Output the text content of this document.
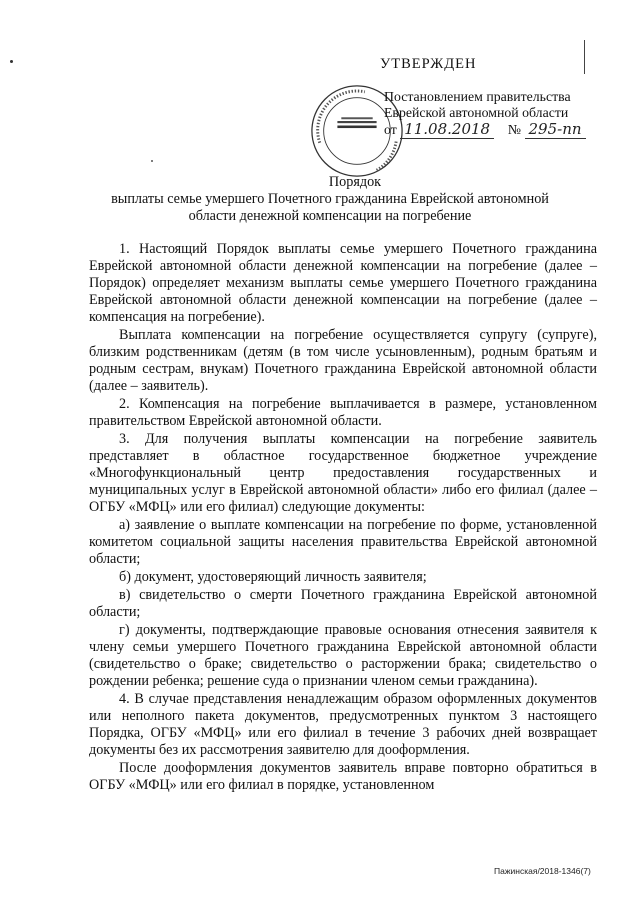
УТВЕРЖДЕН
Постановлением правительства
Еврейской автономной области
от 11.08.2018 № 295-пп
Порядок
выплаты семье умершего Почетного гражданина Еврейской автономной
области денежной компенсации на погребение

1. Настоящий Порядок выплаты семье умершего Почетного гражданина Еврейской автономной области денежной компенсации на погребение (далее – Порядок) определяет механизм выплаты семье умершего Почетного гражданина Еврейской автономной области денежной компенсации на погребение (далее – компенсация на погребение).

Выплата компенсации на погребение осуществляется супругу (супруге), близким родственникам (детям (в том числе усыновленным), родным братьям и родным сестрам, внукам) Почетного гражданина Еврейской автономной области (далее – заявитель).

2. Компенсация на погребение выплачивается в размере, установленном правительством Еврейской автономной области.

3. Для получения выплаты компенсации на погребение заявитель представляет в областное государственное бюджетное учреждение «Многофункциональный центр предоставления государственных и муниципальных услуг в Еврейской автономной области» либо его филиал (далее – ОГБУ «МФЦ» или его филиал) следующие документы:

а) заявление о выплате компенсации на погребение по форме, установленной комитетом социальной защиты населения правительства Еврейской автономной области;

б) документ, удостоверяющий личность заявителя;

в) свидетельство о смерти Почетного гражданина Еврейской автономной области;

г) документы, подтверждающие правовые основания отнесения заявителя к члену семьи умершего Почетного гражданина Еврейской автономной области (свидетельство о браке; свидетельство о расторжении брака; свидетельство о рождении ребенка; решение суда о признании членом семьи гражданина).

4. В случае представления ненадлежащим образом оформленных документов или неполного пакета документов, предусмотренных пунктом 3 настоящего Порядка, ОГБУ «МФЦ» или его филиал в течение 3 рабочих дней возвращает документы без их рассмотрения заявителю для дооформления.

После дооформления документов заявитель вправе повторно обратиться в ОГБУ «МФЦ» или его филиал в порядке, установленном

Пажинская/2018-1346(7)
